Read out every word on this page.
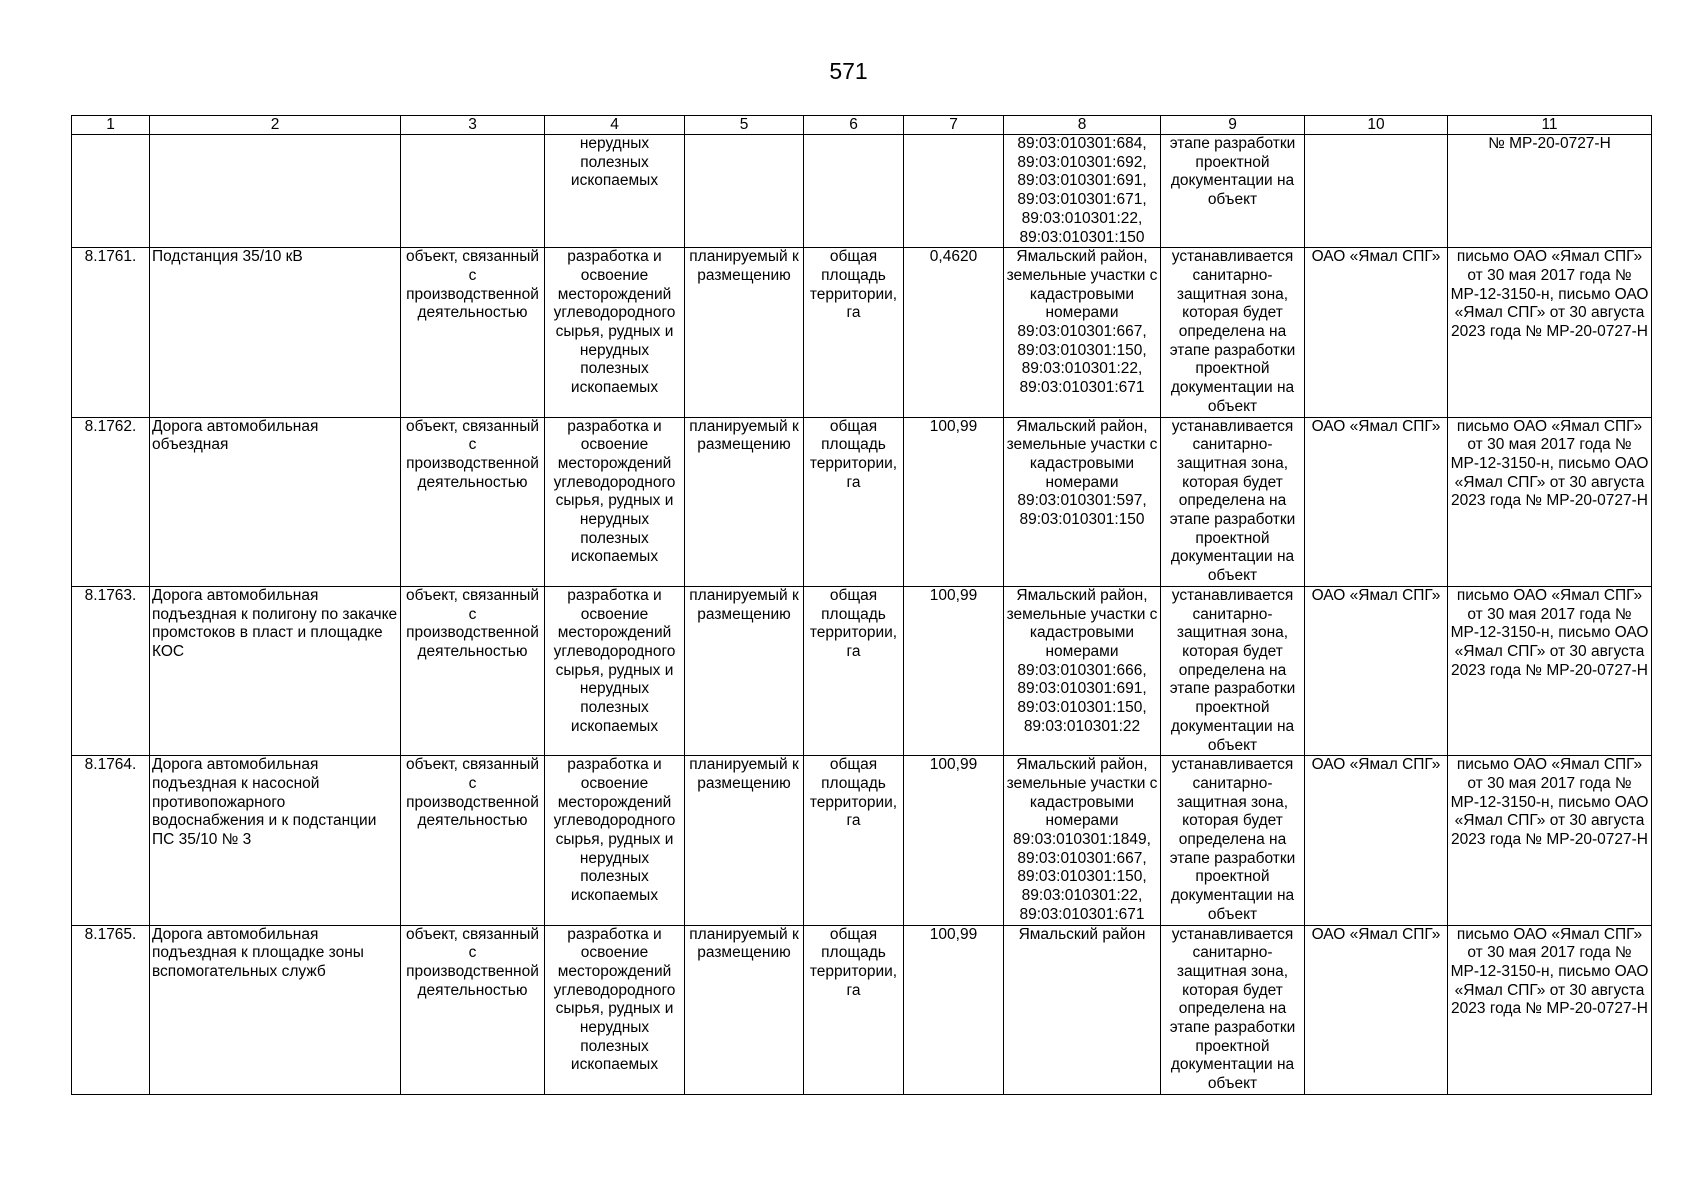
571
1	2	3	4	5	6	7	8	9	10	11
			нерудных полезных ископаемых				89:03:010301:684, 89:03:010301:692, 89:03:010301:691, 89:03:010301:671, 89:03:010301:22, 89:03:010301:150	этапе разработки проектной документации на объект		№ МР-20-0727-Н
8.1761.	Подстанция 35/10 кВ	объект, связанный с производственной деятельностью	разработка и освоение месторождений углеводородного сырья, рудных и нерудных полезных ископаемых	планируемый к размещению	общая площадь территории, га	0,4620	Ямальский район, земельные участки с кадастровыми номерами 89:03:010301:667, 89:03:010301:150, 89:03:010301:22, 89:03:010301:671	устанавливается санитарно-защитная зона, которая будет определена на этапе разработки проектной документации на объект	ОАО «Ямал СПГ»	письмо ОАО «Ямал СПГ» от 30 мая 2017 года № МР-12-3150-н, письмо ОАО «Ямал СПГ» от 30 августа 2023 года № МР-20-0727-Н
8.1762.	Дорога автомобильная объездная	объект, связанный с производственной деятельностью	разработка и освоение месторождений углеводородного сырья, рудных и нерудных полезных ископаемых	планируемый к размещению	общая площадь территории, га	100,99	Ямальский район, земельные участки с кадастровыми номерами 89:03:010301:597, 89:03:010301:150	устанавливается санитарно-защитная зона, которая будет определена на этапе разработки проектной документации на объект	ОАО «Ямал СПГ»	письмо ОАО «Ямал СПГ» от 30 мая 2017 года № МР-12-3150-н, письмо ОАО «Ямал СПГ» от 30 августа 2023 года № МР-20-0727-Н
8.1763.	Дорога автомобильная подъездная к полигону по закачке промстоков в пласт и площадке КОС	объект, связанный с производственной деятельностью	разработка и освоение месторождений углеводородного сырья, рудных и нерудных полезных ископаемых	планируемый к размещению	общая площадь территории, га	100,99	Ямальский район, земельные участки с кадастровыми номерами 89:03:010301:666, 89:03:010301:691, 89:03:010301:150, 89:03:010301:22	устанавливается санитарно-защитная зона, которая будет определена на этапе разработки проектной документации на объект	ОАО «Ямал СПГ»	письмо ОАО «Ямал СПГ» от 30 мая 2017 года № МР-12-3150-н, письмо ОАО «Ямал СПГ» от 30 августа 2023 года № МР-20-0727-Н
8.1764.	Дорога автомобильная подъездная к насосной противопожарного водоснабжения и к подстанции ПС 35/10 № 3	объект, связанный с производственной деятельностью	разработка и освоение месторождений углеводородного сырья, рудных и нерудных полезных ископаемых	планируемый к размещению	общая площадь территории, га	100,99	Ямальский район, земельные участки с кадастровыми номерами 89:03:010301:1849, 89:03:010301:667, 89:03:010301:150, 89:03:010301:22, 89:03:010301:671	устанавливается санитарно-защитная зона, которая будет определена на этапе разработки проектной документации на объект	ОАО «Ямал СПГ»	письмо ОАО «Ямал СПГ» от 30 мая 2017 года № МР-12-3150-н, письмо ОАО «Ямал СПГ» от 30 августа 2023 года № МР-20-0727-Н
8.1765.	Дорога автомобильная подъездная к площадке зоны вспомогательных служб	объект, связанный с производственной деятельностью	разработка и освоение месторождений углеводородного сырья, рудных и нерудных полезных ископаемых	планируемый к размещению	общая площадь территории, га	100,99	Ямальский район	устанавливается санитарно-защитная зона, которая будет определена на этапе разработки проектной документации на объект	ОАО «Ямал СПГ»	письмо ОАО «Ямал СПГ» от 30 мая 2017 года № МР-12-3150-н, письмо ОАО «Ямал СПГ» от 30 августа 2023 года № МР-20-0727-Н
